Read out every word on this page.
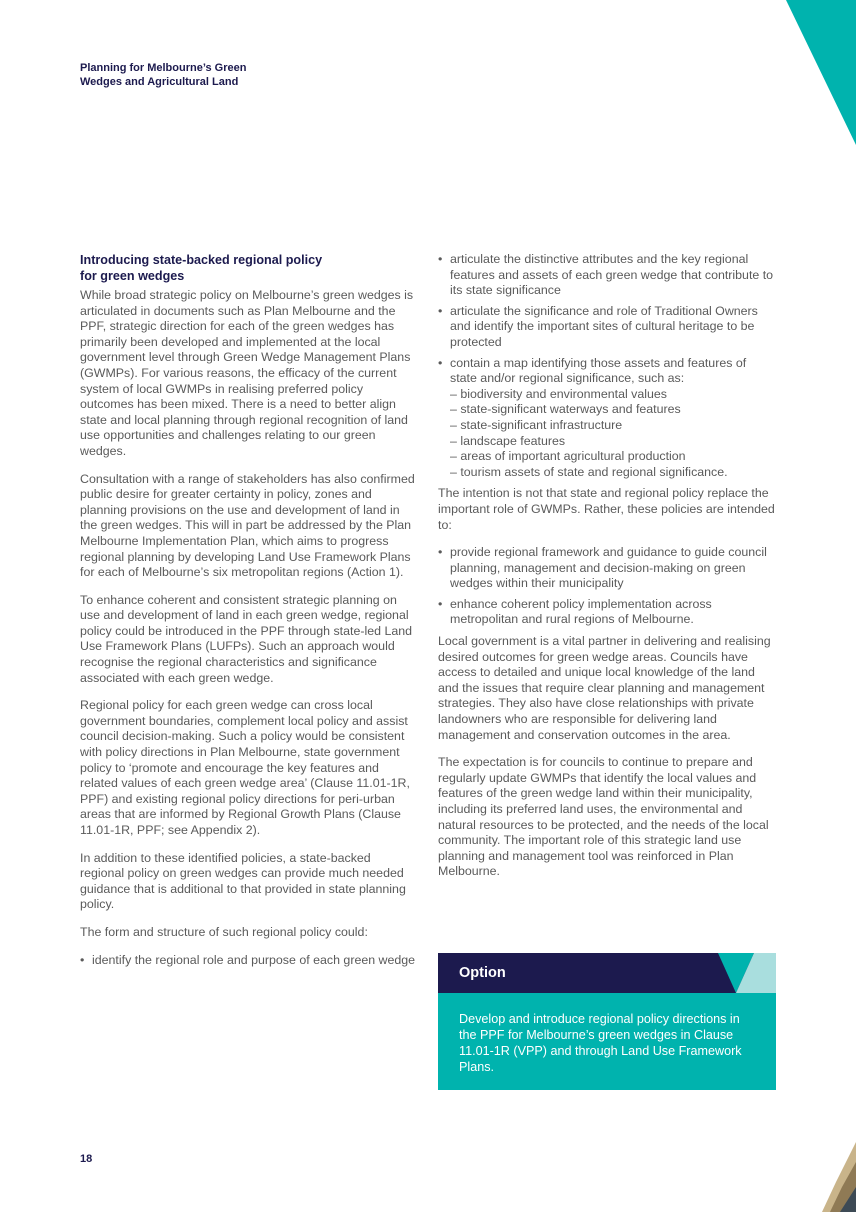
Planning for Melbourne’s Green
Wedges and Agricultural Land
Introducing state-backed regional policy
for green wedges

While broad strategic policy on Melbourne’s green wedges is articulated in documents such as Plan Melbourne and the PPF, strategic direction for each of the green wedges has primarily been developed and implemented at the local government level through Green Wedge Management Plans (GWMPs). For various reasons, the efficacy of the current system of local GWMPs in realising preferred policy outcomes has been mixed. There is a need to better align state and local planning through regional recognition of land use opportunities and challenges relating to our green wedges.

Consultation with a range of stakeholders has also confirmed public desire for greater certainty in policy, zones and planning provisions on the use and development of land in the green wedges. This will in part be addressed by the Plan Melbourne Implementation Plan, which aims to progress regional planning by developing Land Use Framework Plans for each of Melbourne’s six metropolitan regions (Action 1).

To enhance coherent and consistent strategic planning on use and development of land in each green wedge, regional policy could be introduced in the PPF through state-led Land Use Framework Plans (LUFPs). Such an approach would recognise the regional characteristics and significance associated with each green wedge.

Regional policy for each green wedge can cross local government boundaries, complement local policy and assist council decision-making. Such a policy would be consistent with policy directions in Plan Melbourne, state government policy to ‘promote and encourage the key features and related values of each green wedge area’ (Clause 11.01-1R, PPF) and existing regional policy directions for peri-urban areas that are informed by Regional Growth Plans (Clause 11.01-1R, PPF; see Appendix 2).

In addition to these identified policies, a state-backed regional policy on green wedges can provide much needed guidance that is additional to that provided in state planning policy.

The form and structure of such regional policy could:

• identify the regional role and purpose of each green wedge
• articulate the distinctive attributes and the key regional features and assets of each green wedge that contribute to its state significance
• articulate the significance and role of Traditional Owners and identify the important sites of cultural heritage to be protected
• contain a map identifying those assets and features of state and/or regional significance, such as:
– biodiversity and environmental values
– state-significant waterways and features
– state-significant infrastructure
– landscape features
– areas of important agricultural production
– tourism assets of state and regional significance.

The intention is not that state and regional policy replace the important role of GWMPs. Rather, these policies are intended to:

• provide regional framework and guidance to guide council planning, management and decision-making on green wedges within their municipality
• enhance coherent policy implementation across metropolitan and rural regions of Melbourne.

Local government is a vital partner in delivering and realising desired outcomes for green wedge areas. Councils have access to detailed and unique local knowledge of the land and the issues that require clear planning and management strategies. They also have close relationships with private landowners who are responsible for delivering land management and conservation outcomes in the area.

The expectation is for councils to continue to prepare and regularly update GWMPs that identify the local values and features of the green wedge land within their municipality, including its preferred land uses, the environmental and natural resources to be protected, and the needs of the local community. The important role of this strategic land use planning and management tool was reinforced in Plan Melbourne.

Option
Develop and introduce regional policy directions in the PPF for Melbourne’s green wedges in Clause 11.01-1R (VPP) and through Land Use Framework Plans.
18
